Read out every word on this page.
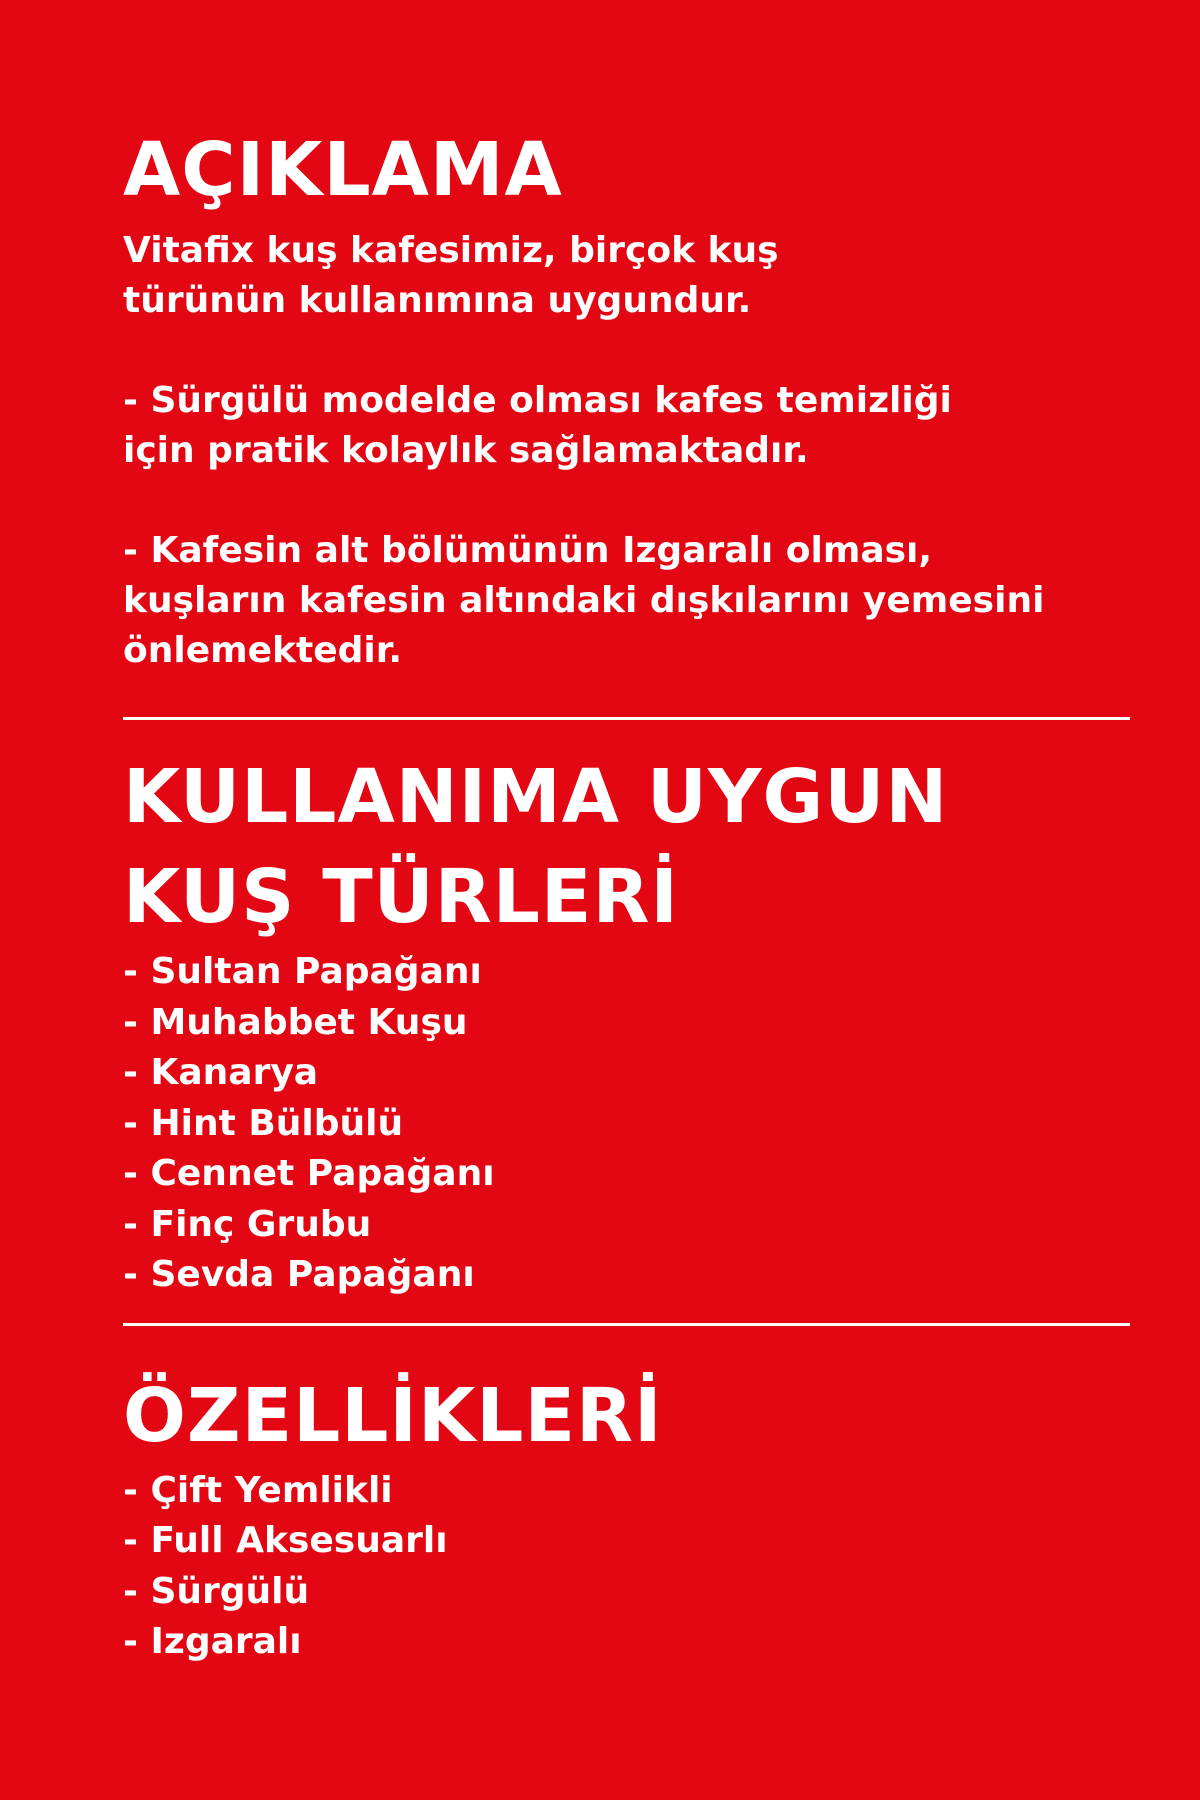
AÇIKLAMA

Vitafix kuş kafesimiz, birçok kuş türünün kullanımına uygundur.

- Sürgülü modelde olması kafes temizliği için pratik kolaylık sağlamaktadır.

- Kafesin alt bölümünün Izgaralı olması, kuşların kafesin altındaki dışkılarını yemesini önlemektedir.

KULLANIMA UYGUN
KUŞ TÜRLERİ
- Sultan Papağanı
- Muhabbet Kuşu
- Kanarya
- Hint Bülbülü
- Cennet Papağanı
- Finç Grubu
- Sevda Papağanı
ÖZELLİKLERİ
- Çift Yemlikli
- Full Aksesuarlı
- Sürgülü
- Izgaralı
